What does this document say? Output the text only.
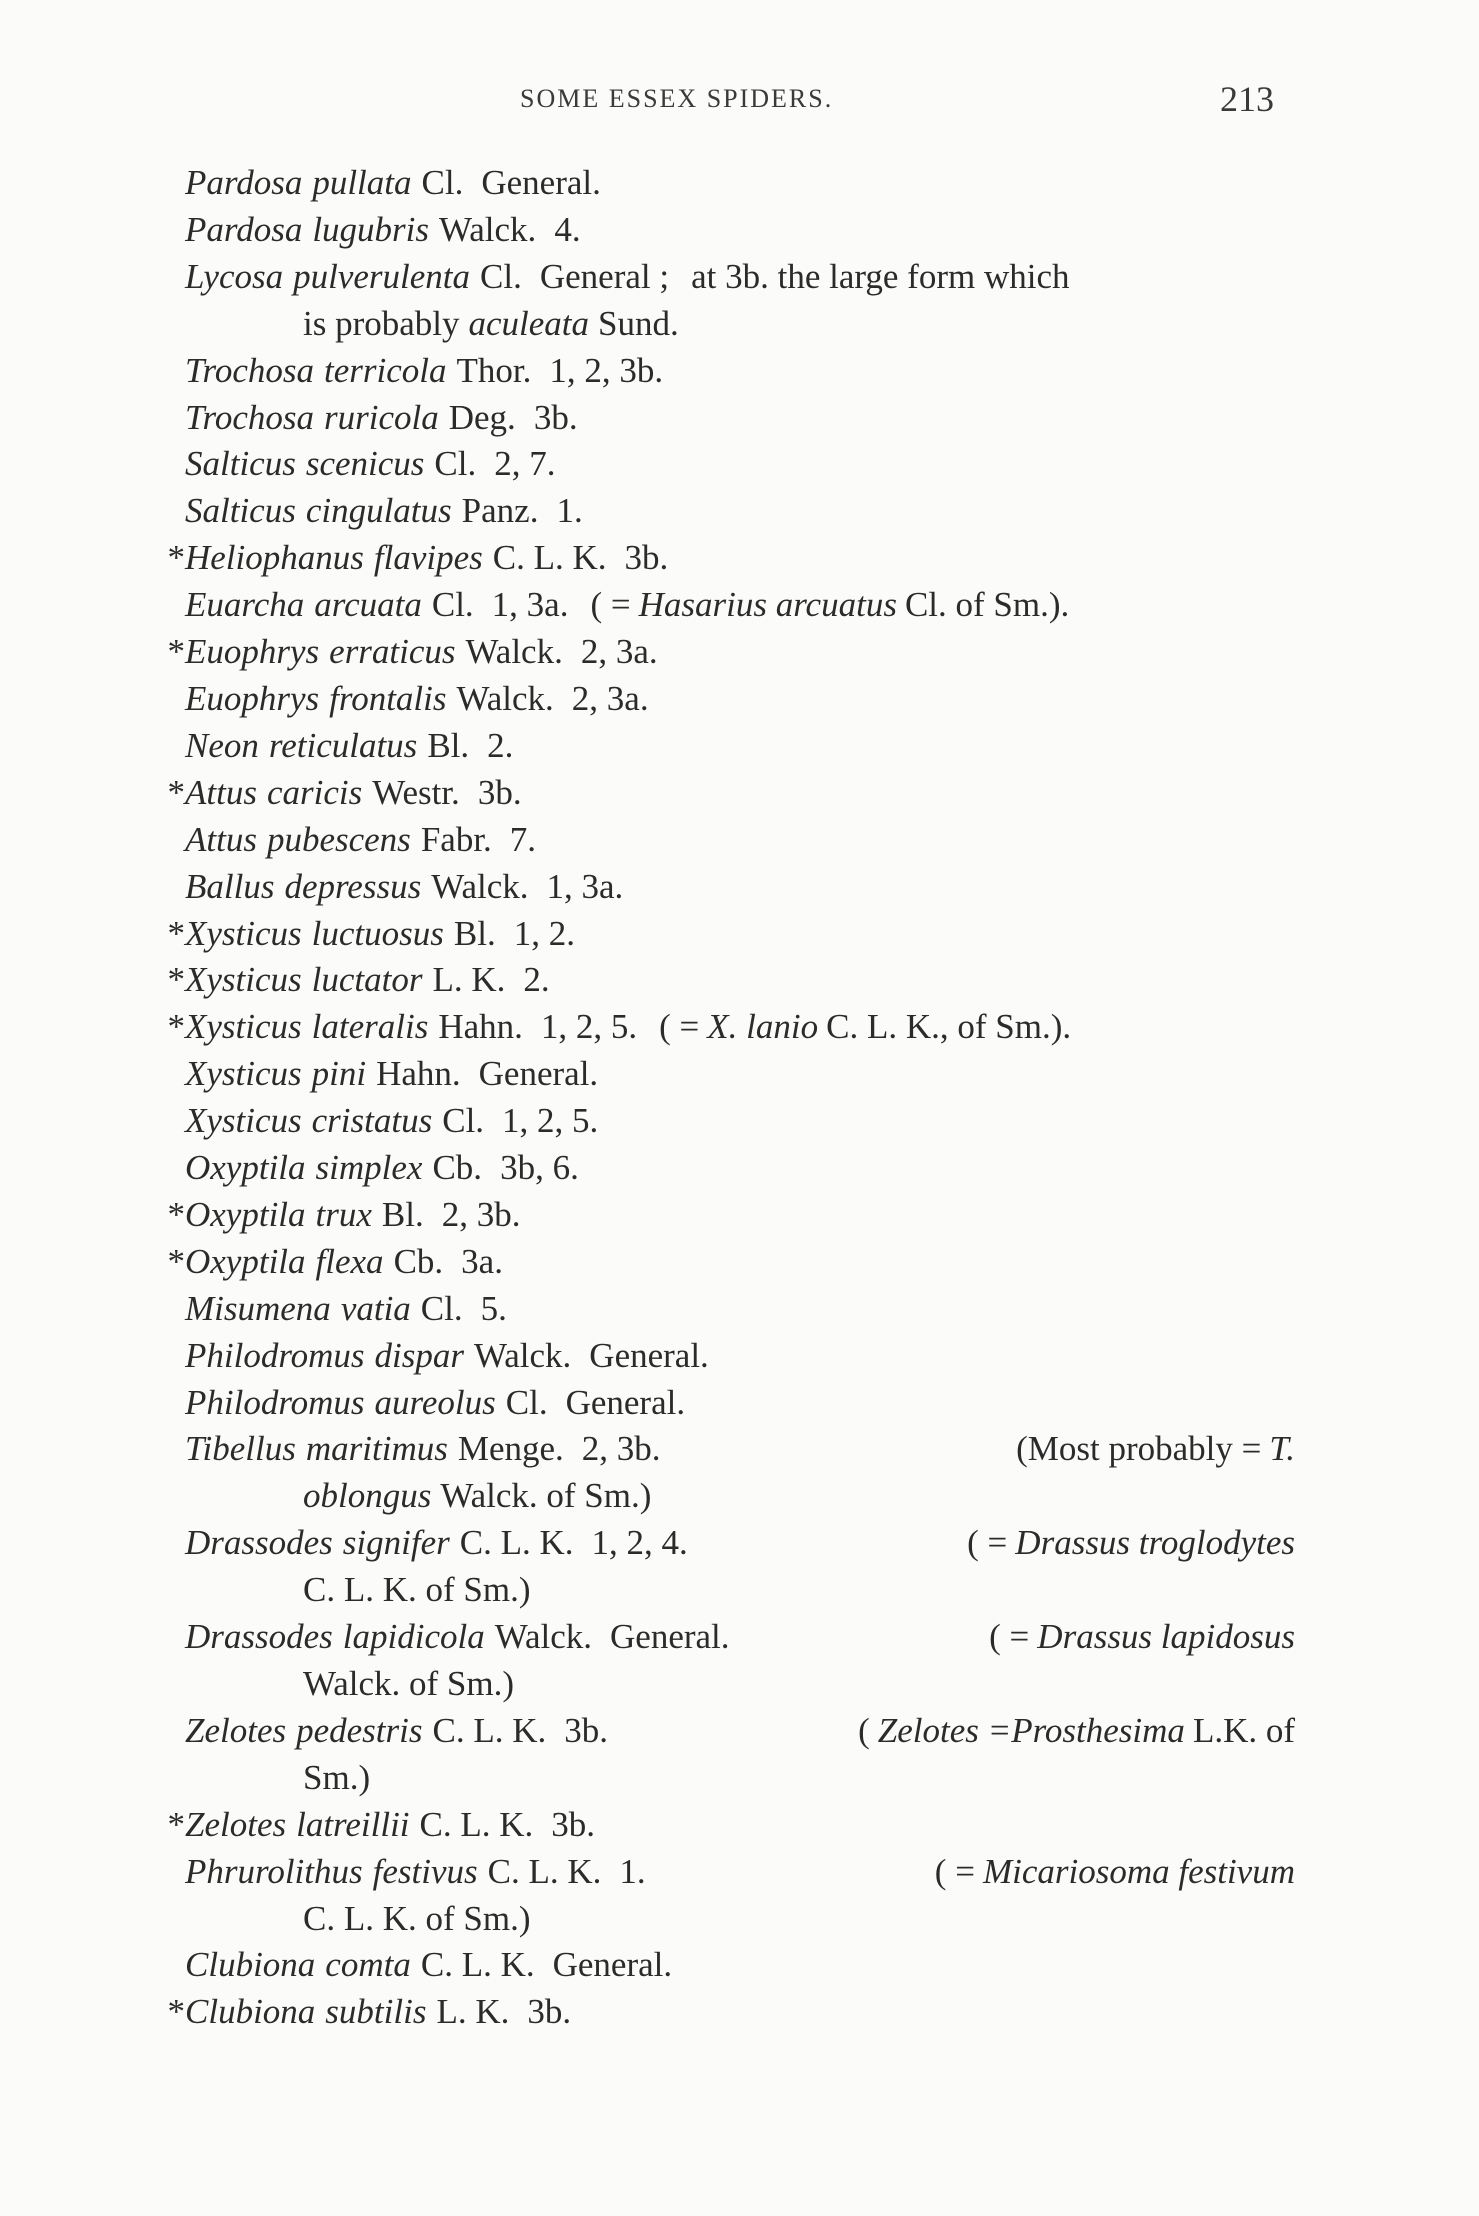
SOME ESSEX SPIDERS.	213
Pardosa pullata Cl. General.
Pardosa lugubris Walck. 4.
Lycosa pulverulenta Cl. General ; at 3b. the large form which
is probably aculeata Sund.
Trochosa terricola Thor. 1, 2, 3b.
Trochosa ruricola Deg. 3b.
Salticus scenicus Cl. 2, 7.
Salticus cingulatus Panz. 1.
* Heliophanus flavipes C. L. K. 3b.
Euarcha arcuata Cl. 1, 3a. ( = Hasarius arcuatus Cl. of Sm.).
* Euophrys erraticus Walck. 2, 3a.
Euophrys frontalis Walck. 2, 3a.
Neon reticulatus Bl. 2.
* Attus caricis Westr. 3b.
Attus pubescens Fabr. 7.
Ballus depressus Walck. 1, 3a.
* Xysticus luctuosus Bl. 1, 2.
* Xysticus luctator L. K. 2.
* Xysticus lateralis Hahn. 1, 2, 5. ( = X. lanio C. L. K., of Sm.).
Xysticus pini Hahn. General.
Xysticus cristatus Cl. 1, 2, 5.
Oxyptila simplex Cb. 3b, 6.
* Oxyptila trux Bl. 2, 3b.
* Oxyptila flexa Cb. 3a.
Misumena vatia Cl. 5.
Philodromus dispar Walck. General.
Philodromus aureolus Cl. General.
Tibellus maritimus Menge. 2, 3b.	(Most probably = T.
oblongus Walck. of Sm.)
Drassodes signifer C. L. K. 1, 2, 4.	( = Drassus troglodytes
C. L. K. of Sm.)
Drassodes lapidicola Walck. General.	( = Drassus lapidosus
Walck. of Sm.)
Zelotes pedestris C. L. K. 3b.	( Zelotes =Prosthesima L.K. of
Sm.)
* Zelotes latreillii C. L. K. 3b.
Phrurolithus festivus C. L. K. 1.	( = Micariosoma festivum
C. L. K. of Sm.)
Clubiona comta C. L. K. General.
* Clubiona subtilis L. K. 3b.
